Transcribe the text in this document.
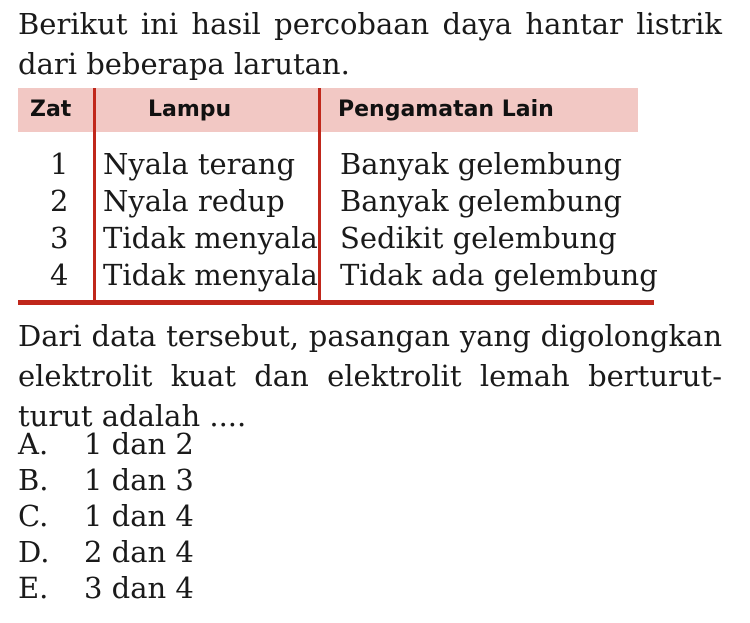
Berikut ini hasil percobaan daya hantar listrik dari beberapa larutan.

Zat	Lampu	Pengamatan Lain
1 Nyala terang Banyak gelembung
2 Nyala redup Banyak gelembung
3 Tidak menyala Sedikit gelembung
4 Tidak menyala Tidak ada gelembung

Dari data tersebut, pasangan yang digolongkan elektrolit kuat dan elektrolit lemah berturut-turut adalah ....

A. 1 dan 2
B. 1 dan 3
C. 1 dan 4
D. 2 dan 4
E. 3 dan 4
